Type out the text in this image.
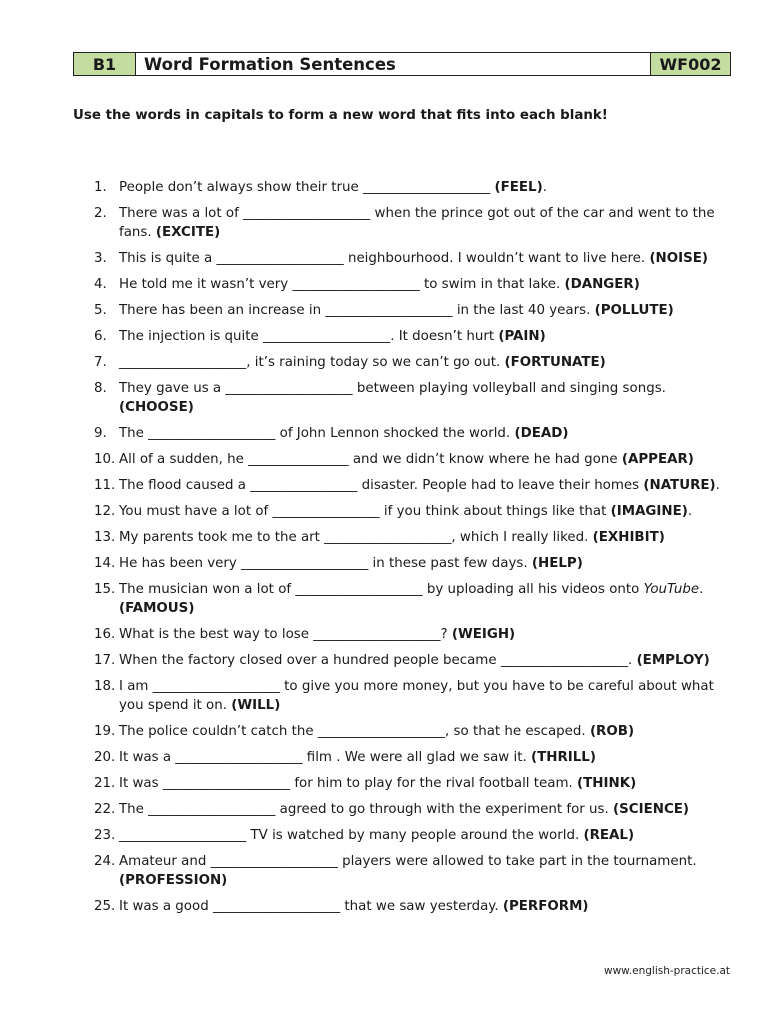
B1	Word Formation Sentences	WF002
Use the words in capitals to form a new word that fits into each blank!
1. People don’t always show their true ___________________ (FEEL).
2. There was a lot of ___________________ when the prince got out of the car and went to the fans. (EXCITE)
3. This is quite a ___________________ neighbourhood. I wouldn’t want to live here. (NOISE)
4. He told me it wasn’t very ___________________ to swim in that lake. (DANGER)
5. There has been an increase in ___________________ in the last 40 years. (POLLUTE)
6. The injection is quite ___________________. It doesn’t hurt (PAIN)
7. ___________________, it’s raining today so we can’t go out. (FORTUNATE)
8. They gave us a ___________________ between playing volleyball and singing songs. (CHOOSE)
9. The ___________________ of John Lennon shocked the world. (DEAD)
10. All of a sudden, he _______________ and we didn’t know where he had gone (APPEAR)
11. The flood caused a ________________ disaster. People had to leave their homes (NATURE).
12. You must have a lot of ________________ if you think about things like that (IMAGINE).
13. My parents took me to the art ___________________, which I really liked. (EXHIBIT)
14. He has been very ___________________ in these past few days. (HELP)
15. The musician won a lot of ___________________ by uploading all his videos onto YouTube. (FAMOUS)
16. What is the best way to lose ___________________? (WEIGH)
17. When the factory closed over a hundred people became ___________________. (EMPLOY)
18. I am ___________________ to give you more money, but you have to be careful about what you spend it on. (WILL)
19. The police couldn’t catch the ___________________, so that he escaped. (ROB)
20. It was a ___________________ film . We were all glad we saw it. (THRILL)
21. It was ___________________ for him to play for the rival football team. (THINK)
22. The ___________________ agreed to go through with the experiment for us. (SCIENCE)
23. ___________________ TV is watched by many people around the world. (REAL)
24. Amateur and ___________________ players were allowed to take part in the tournament. (PROFESSION)
25. It was a good ___________________ that we saw yesterday. (PERFORM)
www.english-practice.at
